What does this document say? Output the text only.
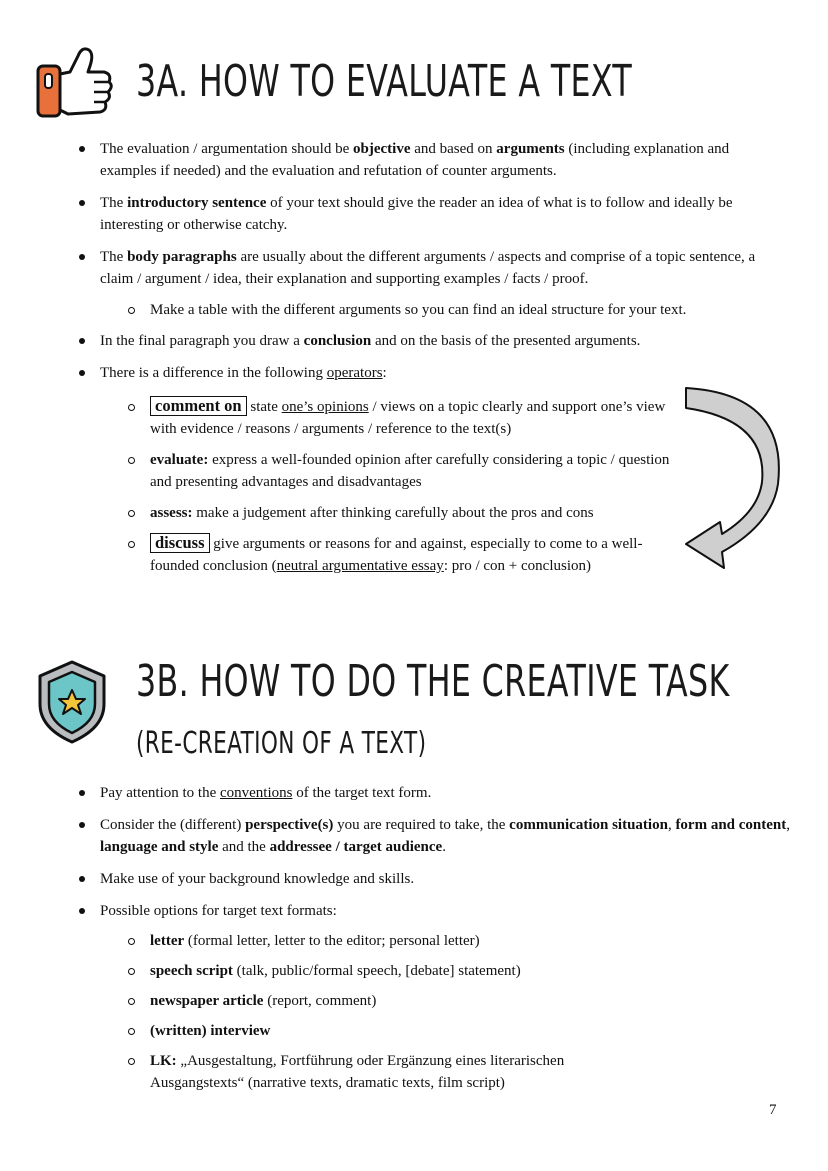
3A. HOW TO EVALUATE A TEXT
The evaluation / argumentation should be objective and based on arguments (including explanation and examples if needed) and the evaluation and refutation of counter arguments.
The introductory sentence of your text should give the reader an idea of what is to follow and ideally be interesting or otherwise catchy.
The body paragraphs are usually about the different arguments / aspects and comprise of a topic sentence, a claim / argument / idea, their explanation and supporting examples / facts / proof.
Make a table with the different arguments so you can find an ideal structure for your text.
In the final paragraph you draw a conclusion and on the basis of the presented arguments.
There is a difference in the following operators:
comment on state one’s opinions / views on a topic clearly and support one’s view with evidence / reasons / arguments / reference to the text(s)
evaluate: express a well-founded opinion after carefully considering a topic / question and presenting advantages and disadvantages
assess: make a judgement after thinking carefully about the pros and cons
discuss give arguments or reasons for and against, especially to come to a well-founded conclusion (neutral argumentative essay: pro / con + conclusion)
3B. HOW TO DO THE CREATIVE TASK
(RE-CREATION OF A TEXT)
Pay attention to the conventions of the target text form.
Consider the (different) perspective(s) you are required to take, the communication situation, form and content, language and style and the addressee / target audience.
Make use of your background knowledge and skills.
Possible options for target text formats:
letter (formal letter, letter to the editor; personal letter)
speech script (talk, public/formal speech, [debate] statement)
newspaper article (report, comment)
(written) interview
LK: „Ausgestaltung, Fortführung oder Ergänzung eines literarischen Ausgangstexts“ (narrative texts, dramatic texts, film script)
7
